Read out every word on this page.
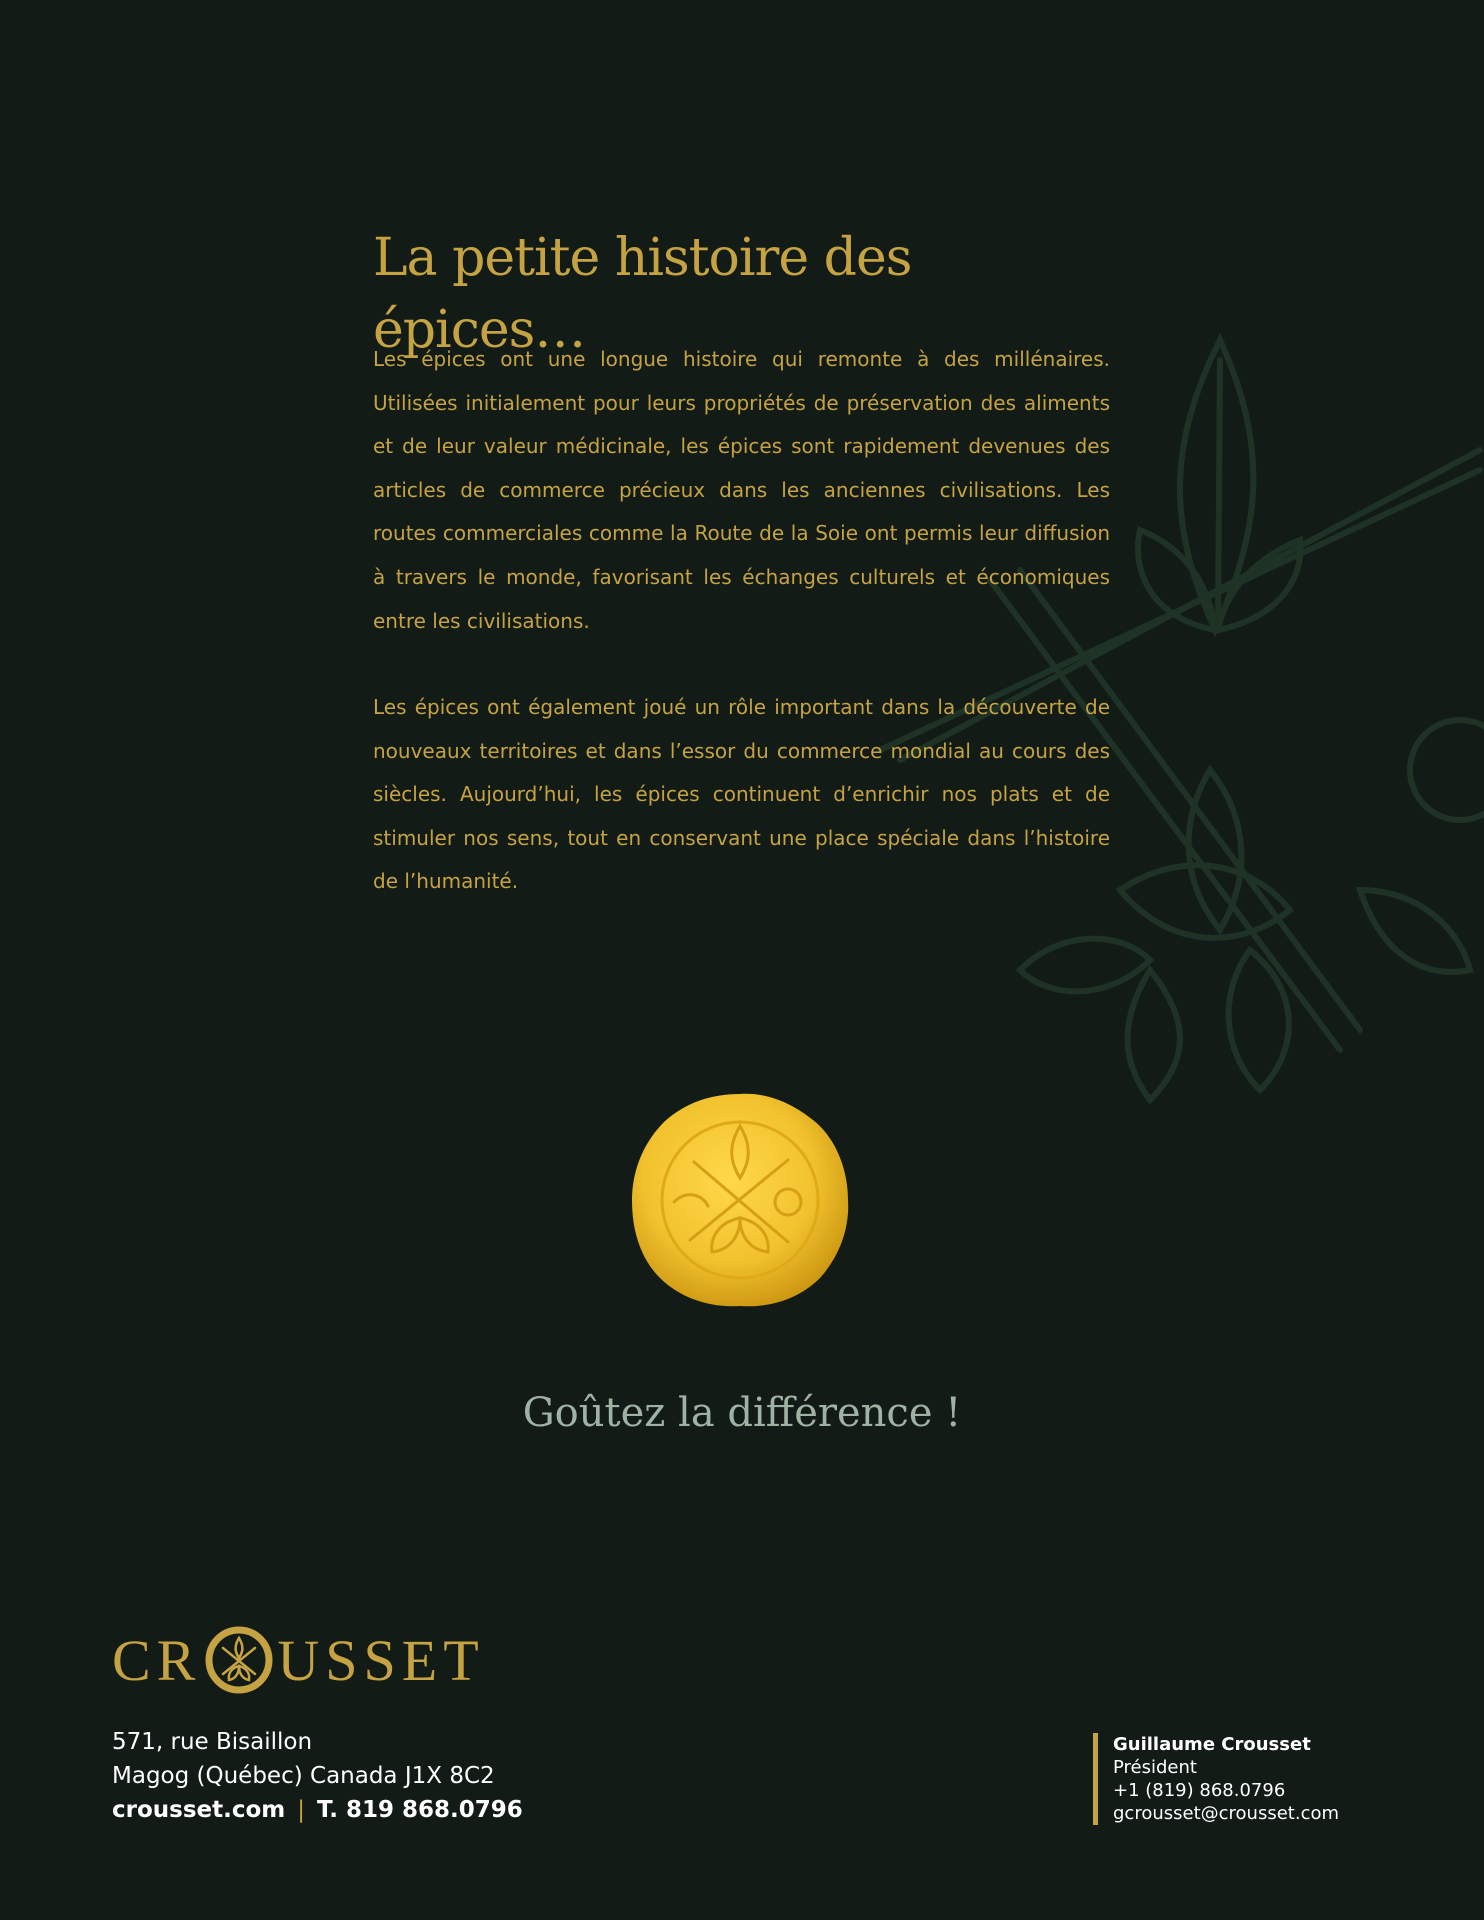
La petite histoire des épices…

Les épices ont une longue histoire qui remonte à des millénaires. Utilisées initialement pour leurs propriétés de préservation des aliments et de leur valeur médicinale, les épices sont rapidement devenues des articles de commerce précieux dans les anciennes civilisations. Les routes commerciales comme la Route de la Soie ont permis leur diffusion à travers le monde, favorisant les échanges culturels et économiques entre les civilisations.

Les épices ont également joué un rôle important dans la découverte de nouveaux territoires et dans l’essor du commerce mondial au cours des siècles. Aujourd’hui, les épices continuent d’enrichir nos plats et de stimuler nos sens, tout en conservant une place spéciale dans l’histoire de l’humanité.

Goûtez la différence !

CR USSET
571, rue Bisaillon
Magog (Québec) Canada J1X 8C2
crousset.com | T. 819 868.0796
Guillaume Crousset
Président
+1 (819) 868.0796
gcrousset@crousset.com
